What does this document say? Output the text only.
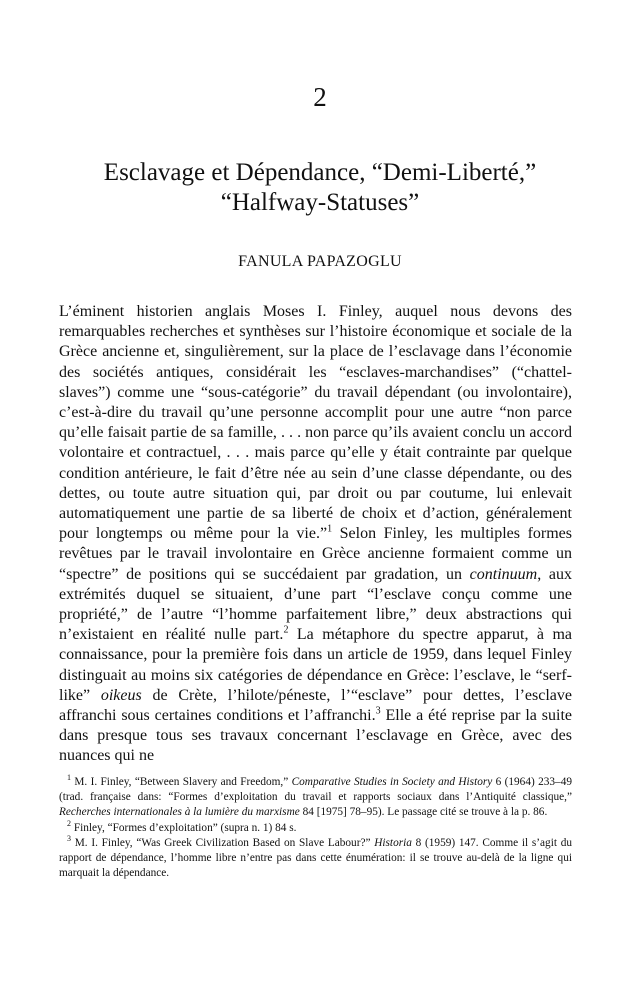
2
Esclavage et Dépendance, “Demi-Liberté,”
“Halfway-Statuses”
FANULA PAPAZOGLU

L’éminent historien anglais Moses I. Finley, auquel nous devons des remarquables recherches et synthèses sur l’histoire économique et sociale de la Grèce ancienne et, singulièrement, sur la place de l’esclavage dans l’économie des sociétés antiques, considérait les “esclaves-marchandises” (“chattel-slaves”) comme une “sous-catégorie” du travail dépendant (ou involontaire), c’est-à-dire du travail qu’une personne accomplit pour une autre “non parce qu’elle faisait partie de sa famille, . . . non parce qu’ils avaient conclu un accord volontaire et contractuel, . . . mais parce qu’elle y était contrainte par quelque condition antérieure, le fait d’être née au sein d’une classe dépendante, ou des dettes, ou toute autre situation qui, par droit ou par coutume, lui enlevait automatiquement une partie de sa liberté de choix et d’action, généralement pour longtemps ou même pour la vie.”$^1$ Selon Finley, les multiples formes revêtues par le travail involontaire en Grèce ancienne formaient comme un “spectre” de positions qui se succédaient par gradation, un continuum, aux extrémités duquel se situaient, d’une part “l’esclave conçu comme une propriété,” de l’autre “l’homme parfaitement libre,” deux abstractions qui n’existaient en réalité nulle part.$^2$ La métaphore du spectre apparut, à ma connaissance, pour la première fois dans un article de 1959, dans lequel Finley distinguait au moins six catégories de dépendance en Grèce: l’esclave, le “serf-like” oikeus de Crète, l’hilote/péneste, l’“esclave” pour dettes, l’esclave affranchi sous certaines conditions et l’affranchi.$^3$ Elle a été reprise par la suite dans presque tous ses travaux concernant l’esclavage en Grèce, avec des nuances qui ne

$^1$ M. I. Finley, “Between Slavery and Freedom,” Comparative Studies in Society and History 6 (1964) 233–49 (trad. française dans: “Formes d’exploitation du travail et rapports sociaux dans l’Antiquité classique,” Recherches internationales à la lumière du marxisme 84 [1975] 78–95). Le passage cité se trouve à la p. 86.

$^2$ Finley, “Formes d’exploitation” (supra n. 1) 84 s.

$^3$ M. I. Finley, “Was Greek Civilization Based on Slave Labour?” Historia 8 (1959) 147. Comme il s’agit du rapport de dépendance, l’homme libre n’entre pas dans cette énumération: il se trouve au-delà de la ligne qui marquait la dépendance.
